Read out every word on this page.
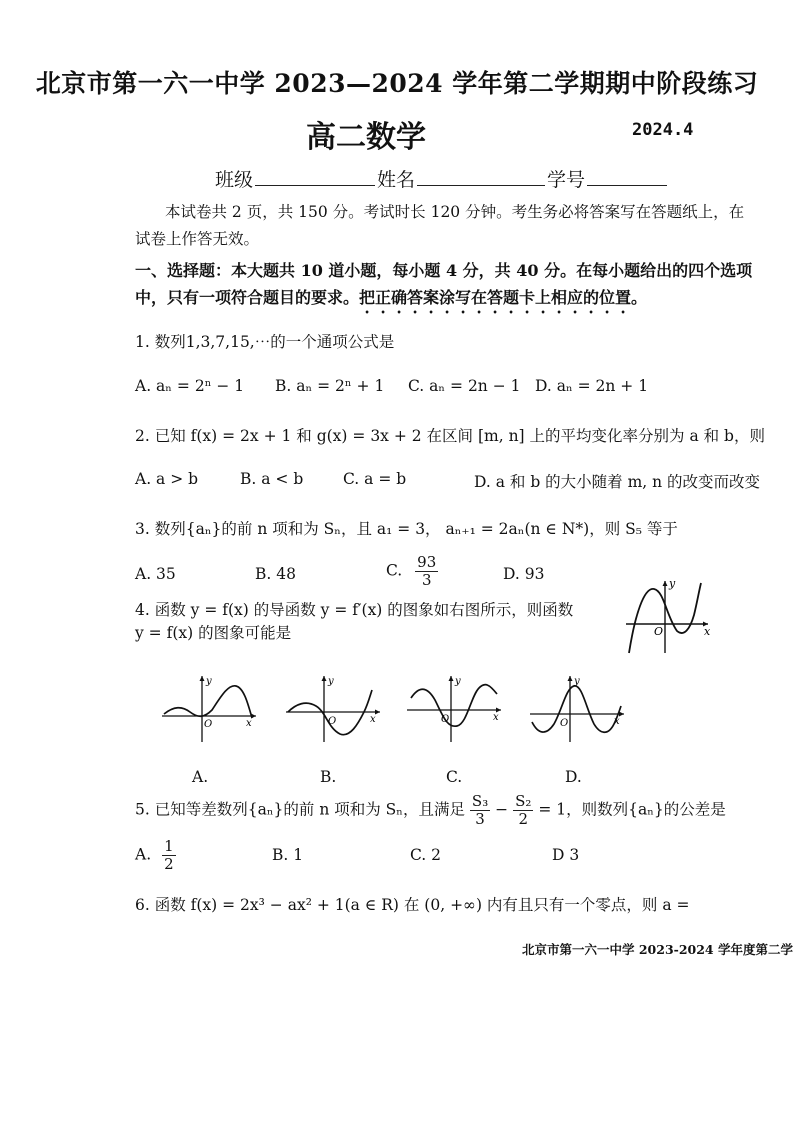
北京市第一六一中学 2023—2024 学年第二学期期中阶段练习
高二数学	2024.4
班级	姓名	学号
本试卷共 2 页，共 150 分。考试时长 120 分钟。考生务必将答案写在答题纸上，在
试卷上作答无效。
一、选择题：本大题共 10 道小题，每小题 4 分，共 40 分。在每小题给出的四个选项
中，只有一项符合题目的要求。把正确答案涂写在答题卡上相应的位置。
1. 数列1,3,7,15,⋯的一个通项公式是
A. aₙ = 2ⁿ − 1 B. aₙ = 2ⁿ + 1 C. aₙ = 2n − 1 D. aₙ = 2n + 1
2. 已知 f(x) = 2x + 1 和 g(x) = 3x + 2 在区间 [m, n] 上的平均变化率分别为 a 和 b，则
A. a > b	B. a < b	C. a = b	D. a 和 b 的大小随着 m, n 的改变而改变
3. 数列{aₙ}的前 n 项和为 Sₙ，且 a₁ = 3， aₙ₊₁ = 2aₙ(n ∈ N*)，则 S₅ 等于
A. 35	B. 48	C. $\frac{93}{3}$	D. 93
4. 函数 y = f(x) 的导函数 y = f′(x) 的图象如右图所示，则函数
y = f(x) 的图象可能是
y
x
O
y
x
O
y
x
O
y
x
O
y
x
O
A.	B.	C.	D.
5. 已知等差数列{aₙ}的前 n 项和为 Sₙ，且满足 $\frac{\text{S₃}}{3} - \frac{\text{S₂}}{2} = 1$，则数列{aₙ}的公差是
A. $\frac{1}{2}$	B. 1	C. 2	D 3
6. 函数 f(x) = 2x³ − ax² + 1(a ∈ R) 在 (0, +∞) 内有且只有一个零点，则 a =
北京市第一六一中学 2023-2024 学年度第二学
